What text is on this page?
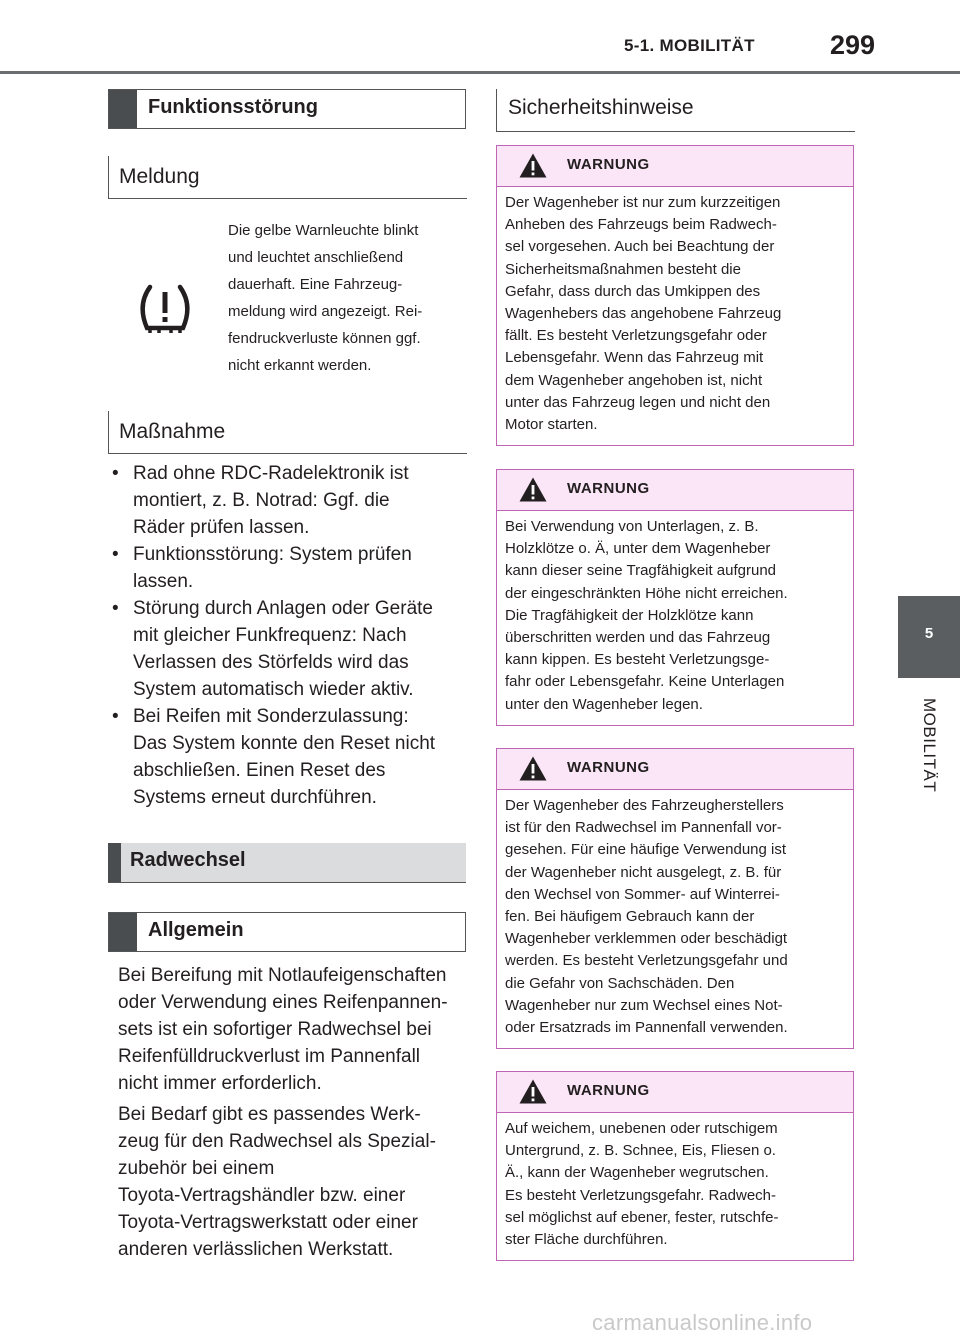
5-1. MOBILITÄT	299
5
MOBILITÄT
Funktionsstörung
Meldung
Die gelbe Warnleuchte blinkt
und leuchtet anschließend
dauerhaft. Eine Fahrzeug-
meldung wird angezeigt. Rei-
fendruckverluste können ggf.
nicht erkannt werden.
Maßnahme
• Rad ohne RDC-Radelektronik ist
montiert, z. B. Notrad: Ggf. die
Räder prüfen lassen.
• Funktionsstörung: System prüfen
lassen.
• Störung durch Anlagen oder Geräte
mit gleicher Funkfrequenz: Nach
Verlassen des Störfelds wird das
System automatisch wieder aktiv.
• Bei Reifen mit Sonderzulassung:
Das System konnte den Reset nicht
abschließen. Einen Reset des
Systems erneut durchführen.
Radwechsel
Allgemein
Bei Bereifung mit Notlaufeigenschaften
oder Verwendung eines Reifenpannen-
sets ist ein sofortiger Radwechsel bei
Reifenfülldruckverlust im Pannenfall
nicht immer erforderlich.
Bei Bedarf gibt es passendes Werk-
zeug für den Radwechsel als Spezial-
zubehör bei einem
Toyota-Vertragshändler bzw. einer
Toyota-Vertragswerkstatt oder einer
anderen verlässlichen Werkstatt.
Sicherheitshinweise
WARNUNG
Der Wagenheber ist nur zum kurzzeitigen
Anheben des Fahrzeugs beim Radwech-
sel vorgesehen. Auch bei Beachtung der
Sicherheitsmaßnahmen besteht die
Gefahr, dass durch das Umkippen des
Wagenhebers das angehobene Fahrzeug
fällt. Es besteht Verletzungsgefahr oder
Lebensgefahr. Wenn das Fahrzeug mit
dem Wagenheber angehoben ist, nicht
unter das Fahrzeug legen und nicht den
Motor starten.
WARNUNG
Bei Verwendung von Unterlagen, z. B.
Holzklötze o. Ä, unter dem Wagenheber
kann dieser seine Tragfähigkeit aufgrund
der eingeschränkten Höhe nicht erreichen.
Die Tragfähigkeit der Holzklötze kann
überschritten werden und das Fahrzeug
kann kippen. Es besteht Verletzungsge-
fahr oder Lebensgefahr. Keine Unterlagen
unter den Wagenheber legen.
WARNUNG
Der Wagenheber des Fahrzeugherstellers
ist für den Radwechsel im Pannenfall vor-
gesehen. Für eine häufige Verwendung ist
der Wagenheber nicht ausgelegt, z. B. für
den Wechsel von Sommer- auf Winterrei-
fen. Bei häufigem Gebrauch kann der
Wagenheber verklemmen oder beschädigt
werden. Es besteht Verletzungsgefahr und
die Gefahr von Sachschäden. Den
Wagenheber nur zum Wechsel eines Not-
oder Ersatzrads im Pannenfall verwenden.
WARNUNG
Auf weichem, unebenen oder rutschigem
Untergrund, z. B. Schnee, Eis, Fliesen o.
Ä., kann der Wagenheber wegrutschen.
Es besteht Verletzungsgefahr. Radwech-
sel möglichst auf ebener, fester, rutschfe-
ster Fläche durchführen.
carmanualsonline.info
